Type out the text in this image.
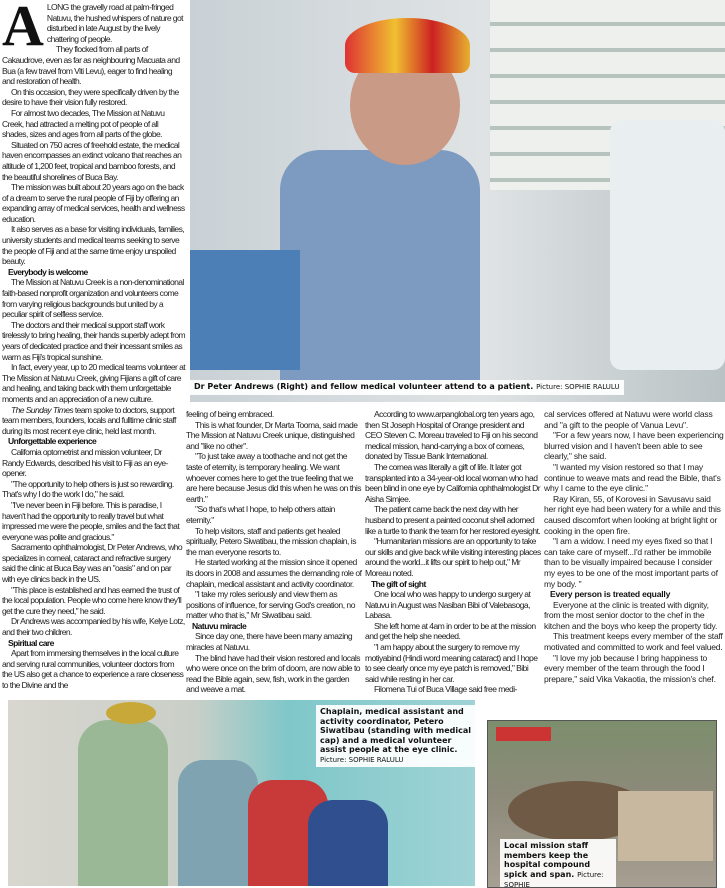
A LONG the gravelly road at palm-fringed Natuvu, the hushed whispers of nature got disturbed in late August by the lively chattering of people.

They flocked from all parts of Cakaudrove, even as far as neighbouring Macuata and Bua (a few travel from Viti Levu), eager to find healing and restoration of health.

On this occasion, they were specifically driven by the desire to have their vision fully restored.

For almost two decades, The Mission at Natuvu Creek, had attracted a melting pot of people of all shades, sizes and ages from all parts of the globe.

Situated on 750 acres of freehold estate, the medical haven encompasses an extinct volcano that reaches an altitude of 1,200 feet, tropical and bamboo forests, and the beautiful shorelines of Buca Bay.

The mission was built about 20 years ago on the back of a dream to serve the rural people of Fiji by offering an expanding array of medical services, health and wellness education.

It also serves as a base for visiting individuals, families, university students and medical teams seeking to serve the people of Fiji and at the same time enjoy unspoiled beauty.

Everybody is welcome

The Mission at Natuvu Creek is a non-denominational faith-based nonprofit organization and volunteers come from varying religious backgrounds but united by a peculiar spirit of selfless service.

The doctors and their medical support staff work tirelessly to bring healing, their hands superbly adept from years of dedicated practice and their incessant smiles as warm as Fiji's tropical sunshine.

In fact, every year, up to 20 medical teams volunteer at The Mission at Natuvu Creek, giving Fijians a gift of care and healing, and taking back with them unforgettable moments and an appreciation of a new culture.

The Sunday Times team spoke to doctors, support team members, founders, locals and fulltime clinic staff during its most recent eye clinic, held last month.

Unforgettable experience

California optometrist and mission volunteer, Dr Randy Edwards, described his visit to Fiji as an eye-opener.

"The opportunity to help others is just so rewarding. That's why I do the work I do," he said.

"I've never been in Fiji before. This is paradise, I haven't had the opportunity to really travel but what impressed me were the people, smiles and the fact that everyone was polite and gracious."

Sacramento ophthalmologist, Dr Peter Andrews, who specializes in corneal, cataract and refractive surgery said the clinic at Buca Bay was an "oasis" and on par with eye clinics back in the US.

"This place is established and has earned the trust of the local population. People who come here know they'll get the cure they need," he said.

Dr Andrews was accompanied by his wife, Kelye Lotz, and their two children.

Spiritual care

Apart from immersing themselves in the local culture and serving rural communities, volunteer doctors from the US also get a chance to experience a rare closeness to the Divine and the

feeling of being embraced.

This is what founder, Dr Marta Tooma, said made The Mission at Natuvu Creek unique, distinguished and "like no other".

"To just take away a toothache and not get the taste of eternity, is temporary healing. We want whoever comes here to get the true feeling that we are here because Jesus did this when he was on this earth."

"So that's what I hope, to help others attain eternity."

To help visitors, staff and patients get healed spiritually, Petero Siwatibau, the mission chaplain, is the man everyone resorts to.

He started working at the mission since it opened its doors in 2008 and assumes the demanding role of chaplain, medical assistant and activity coordinator.

"I take my roles seriously and view them as positions of influence, for serving God's creation, no matter who that is," Mr Siwatibau said.

Natuvu miracle

Since day one, there have been many amazing miracles at Natuvu.

The blind have had their vision restored and locals who were once on the brim of doom, are now able to read the Bible again, sew, fish, work in the garden and weave a mat.

According to www.arpanglobal.org ten years ago, then St Joseph Hospital of Orange president and CEO Steven C. Moreau traveled to Fiji on his second medical mission, hand-carrying a box of corneas, donated by Tissue Bank International.

The cornea was literally a gift of life. It later got transplanted into a 34-year-old local woman who had been blind in one eye by California ophthalmologist Dr Aisha Simjee.

The patient came back the next day with her husband to present a painted coconut shell adorned like a turtle to thank the team for her restored eyesight.

"Humanitarian missions are an opportunity to take our skills and give back while visiting interesting places around the world...it lifts our spirit to help out," Mr Moreau noted.

The gift of sight

One local who was happy to undergo surgery at Natuvu in August was Nasiban Bibi of Valebasoga, Labasa.

She left home at 4am in order to be at the mission and get the help she needed.

"I am happy about the surgery to remove my motiyabind (Hindi word meaning cataract) and I hope to see clearly once my eye patch is removed," Bibi said while resting in her car.

Filomena Tui of Buca Village said free medi-

cal services offered at Natuvu were world class and "a gift to the people of Vanua Levu".

"For a few years now, I have been experiencing blurred vision and I haven't been able to see clearly," she said.

"I wanted my vision restored so that I may continue to weave mats and read the Bible, that's why I came to the eye clinic."

Ray Kiran, 55, of Korovesi in Savusavu said her right eye had been watery for a while and this caused discomfort when looking at bright light or cooking in the open fire.

"I am a widow. I need my eyes fixed so that I can take care of myself...I'd rather be immobile than to be visually impaired because I consider my eyes to be one of the most important parts of my body. "

Every person is treated equally

Everyone at the clinic is treated with dignity, from the most senior doctor to the chef in the kitchen and the boys who keep the property tidy.

This treatment keeps every member of the staff motivated and committed to work and feel valued.

"I love my job because I bring happiness to every member of the team through the food I prepare," said Vika Vakaotia, the mission's chef.

Dr Peter Andrews (Right) and fellow medical volunteer attend to a patient. Picture: SOPHIE RALULU
Chaplain, medical assistant and activity coordinator, Petero Siwatibau (standing with medical cap) and a medical volunteer assist people at the eye clinic. Picture: SOPHIE RALULU
Local mission staff members keep the hospital compound spick and span. Picture: SOPHIE
